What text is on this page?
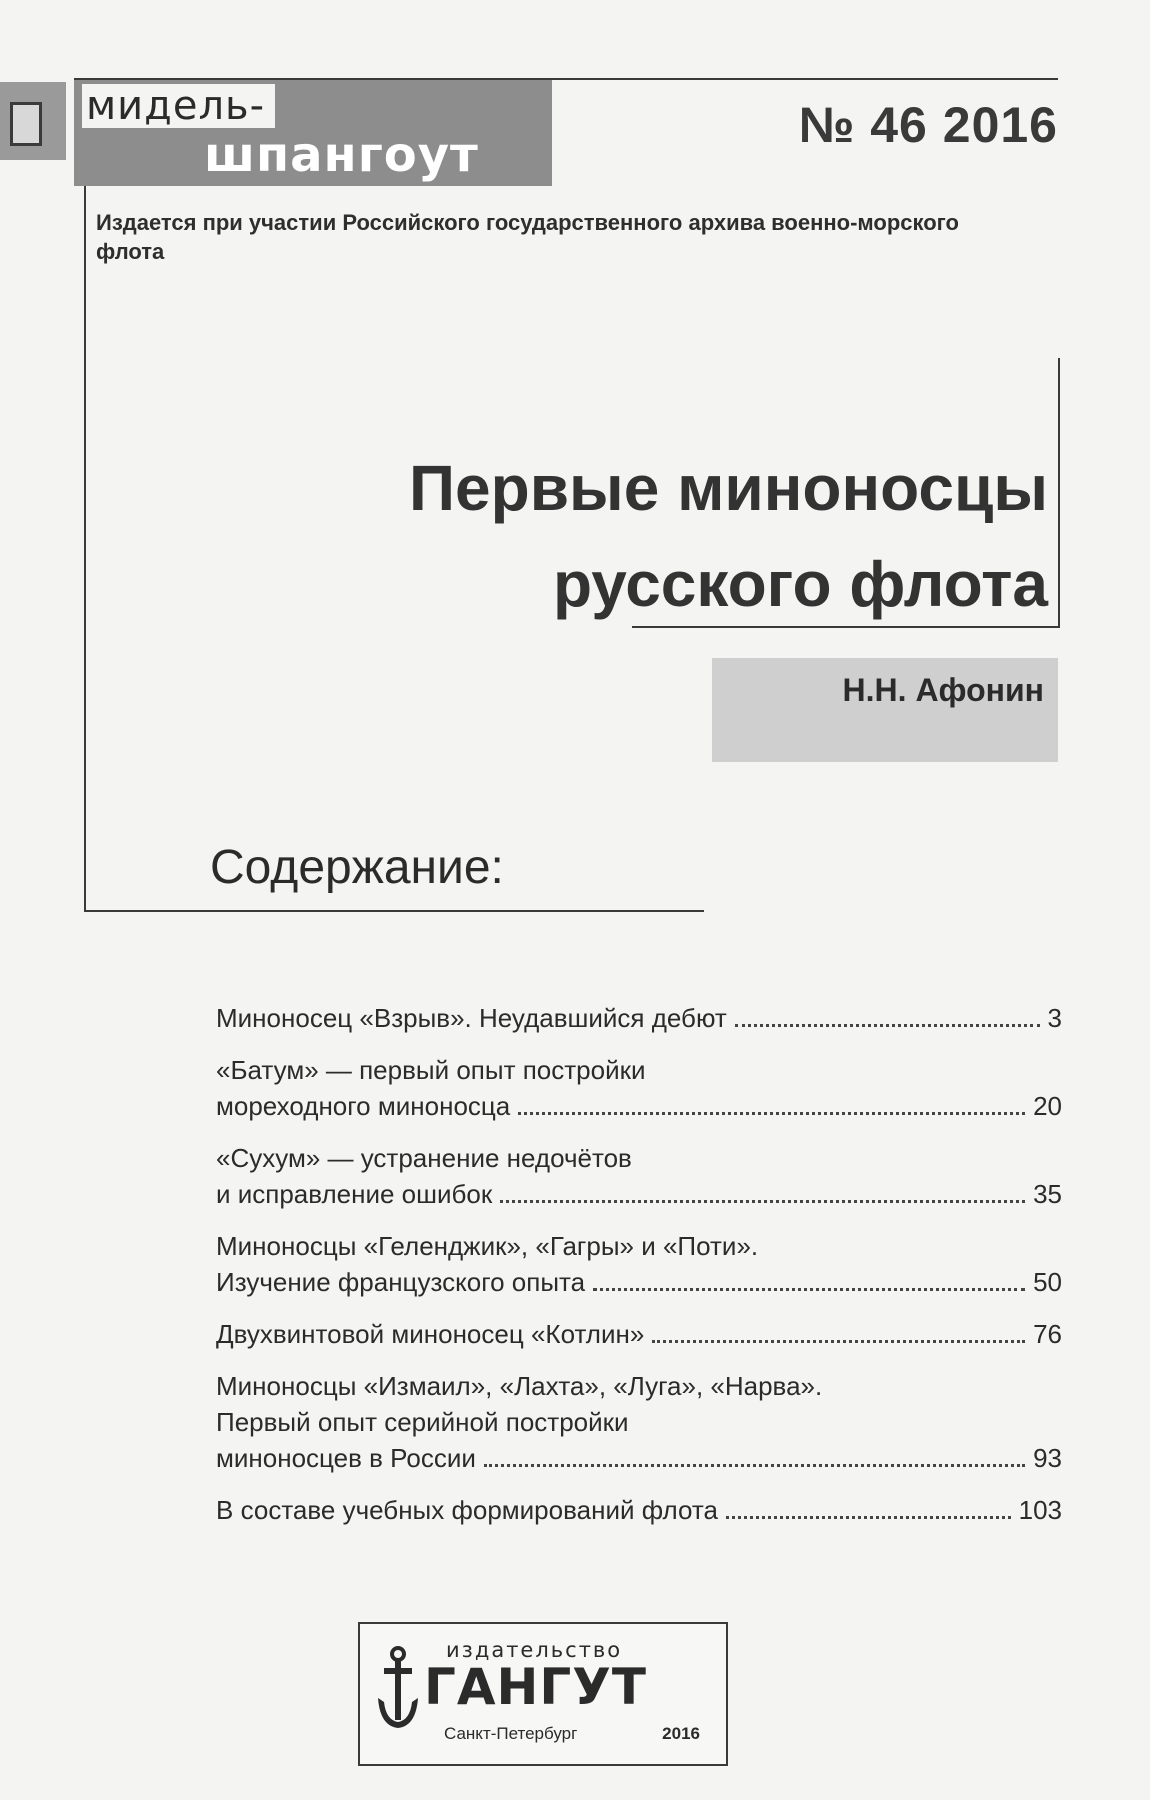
мидель-
шпангоут
№ 46 2016
Издается при участии Российского государственного архива военно-морского флота
Первые миноносцы
русского флота
Н.Н. Афонин
Содержание:
Миноносец «Взрыв». Неудавшийся дебют	3
«Батум» — первый опыт постройки
мореходного миноносца	20
«Сухум» — устранение недочётов
и исправление ошибок	35
Миноносцы «Геленджик», «Гагры» и «Поти».
Изучение французского опыта	50
Двухвинтовой миноносец «Котлин»	76
Миноносцы «Измаил», «Лахта», «Луга», «Нарва».
Первый опыт серийной постройки
миноносцев в России	93
В составе учебных формирований флота	103
издательство
ГАНГУТ
Санкт-Петербург	2016
